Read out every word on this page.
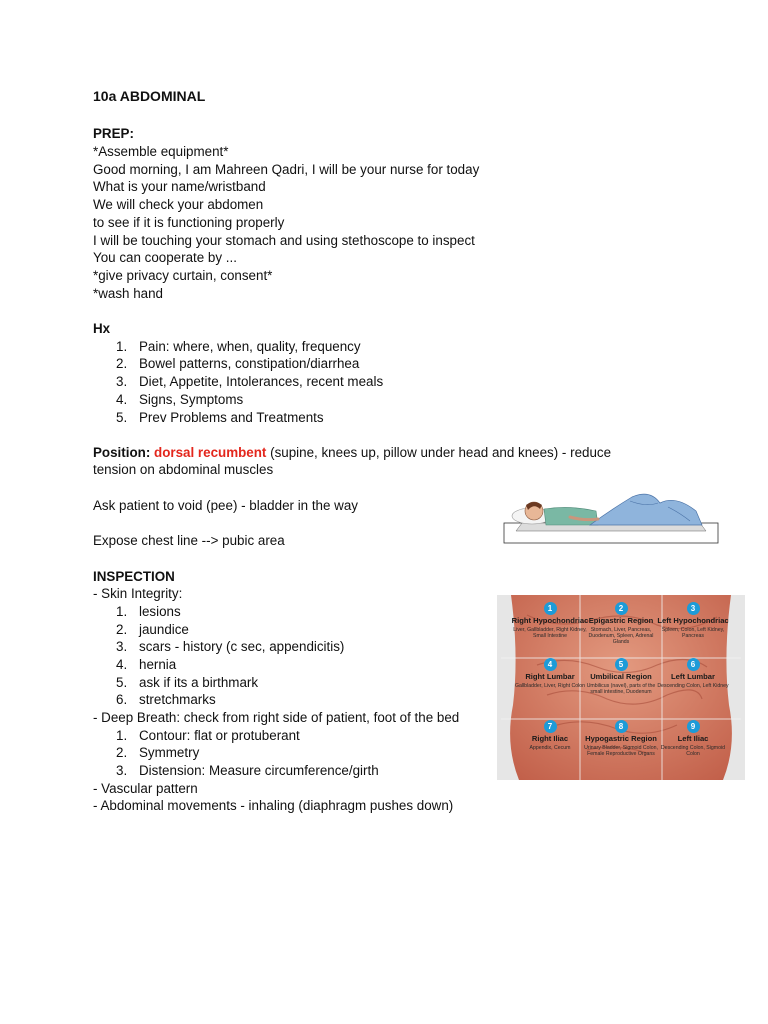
10a ABDOMINAL
PREP:
*Assemble equipment*
Good morning, I am Mahreen Qadri, I will be your nurse for today
What is your name/wristband
We will check your abdomen
to see if it is functioning properly
I will be touching your stomach and using stethoscope to inspect
You can cooperate by ...
*give privacy curtain, consent*
*wash hand
Hx
1. Pain: where, when, quality, frequency
2. Bowel patterns, constipation/diarrhea
3. Diet, Appetite, Intolerances, recent meals
4. Signs, Symptoms
5. Prev Problems and Treatments
Position: dorsal recumbent (supine, knees up, pillow under head and knees) - reduce
tension on abdominal muscles
Ask patient to void (pee) - bladder in the way
Expose chest line --> pubic area
INSPECTION
- Skin Integrity:
1. lesions
2. jaundice
3. scars - history (c sec, appendicitis)
4. hernia
5. ask if its a birthmark
6. stretchmarks
- Deep Breath: check from right side of patient, foot of the bed
1. Contour: flat or protuberant
2. Symmetry
3. Distension: Measure circumference/girth
- Vascular pattern
- Abdominal movements - inhaling (diaphragm pushes down)
1
Right Hypochondriac
Liver, Gallbladder, Right Kidney, Small Intestine
2
Epigastric Region
Stomach, Liver, Pancreas, Duodenum, Spleen, Adrenal Glands
3
Left Hypochondriac
Spleen, Colon, Left Kidney, Pancreas
4
Right Lumbar
Gallbladder, Liver, Right Colon
5
Umbilical Region
Umbilicus (navel), parts of the small intestine, Duodenum
6
Left Lumbar
Descending Colon, Left Kidney
7
Right Iliac
Appendix, Cecum
8
Hypogastric Region
Urinary Bladder, Sigmoid Colon, Female Reproductive Organs
9
Left Iliac
Descending Colon, Sigmoid Colon
